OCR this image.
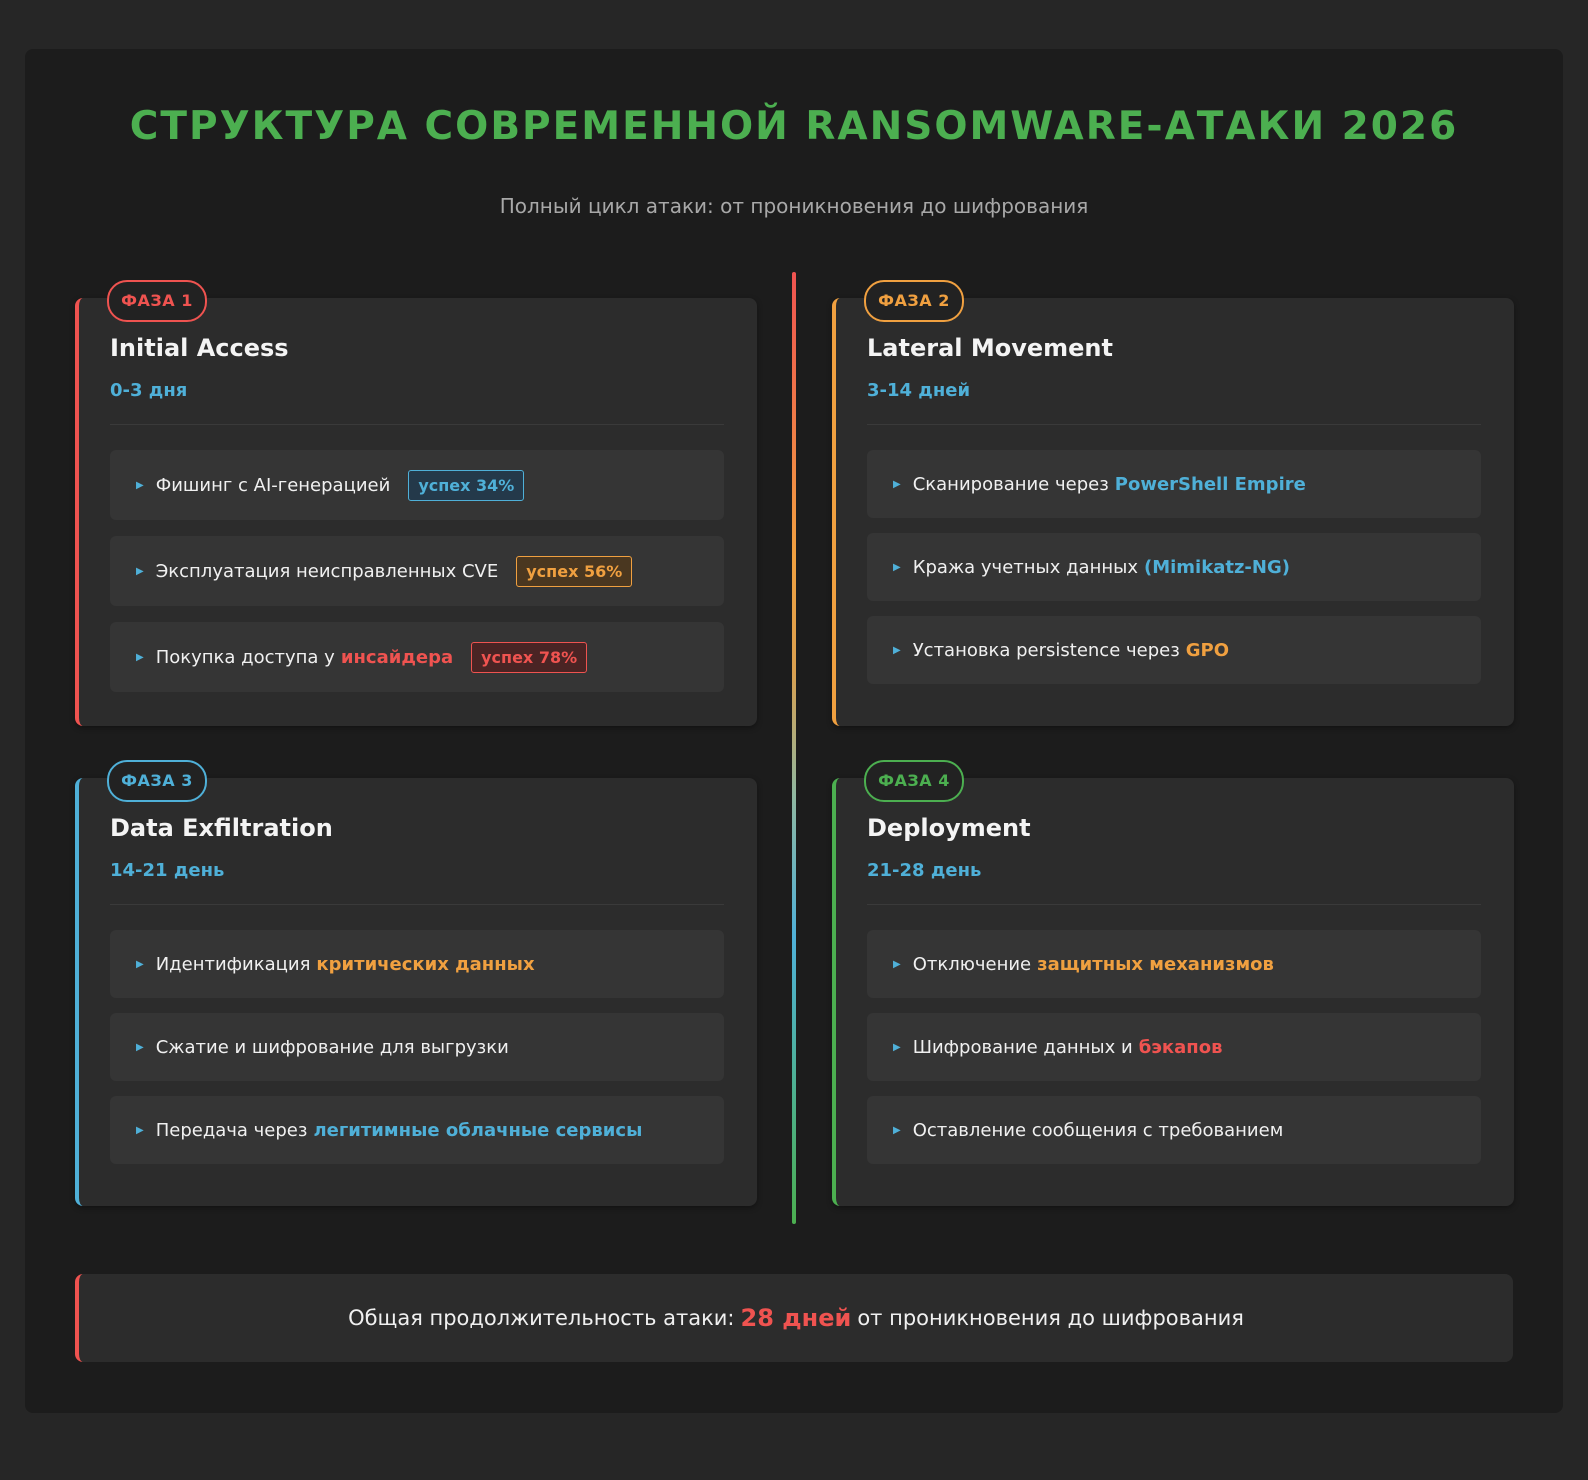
СТРУКТУРА СОВРЕМЕННОЙ RANSOMWARE-АТАКИ 2026
Полный цикл атаки: от проникновения до шифрования
ФАЗА 1
Initial Access
0-3 дня
▶ Фишинг с AI-генерацией	успех 34%
▶ Эксплуатация неисправленных CVE	успех 56%
▶ Покупка доступа у инсайдера	успех 78%
ФАЗА 2
Lateral Movement
3-14 дней
▶ Сканирование через PowerShell Empire
▶ Кража учетных данных (Mimikatz-NG)
▶ Установка persistence через GPO
ФАЗА 3
Data Exfiltration
14-21 день
▶ Идентификация критических данных
▶ Сжатие и шифрование для выгрузки
▶ Передача через легитимные облачные сервисы
ФАЗА 4
Deployment
21-28 день
▶ Отключение защитных механизмов
▶ Шифрование данных и бэкапов
▶ Оставление сообщения с требованием
Общая продолжительность атаки: 28 дней от проникновения до шифрования
